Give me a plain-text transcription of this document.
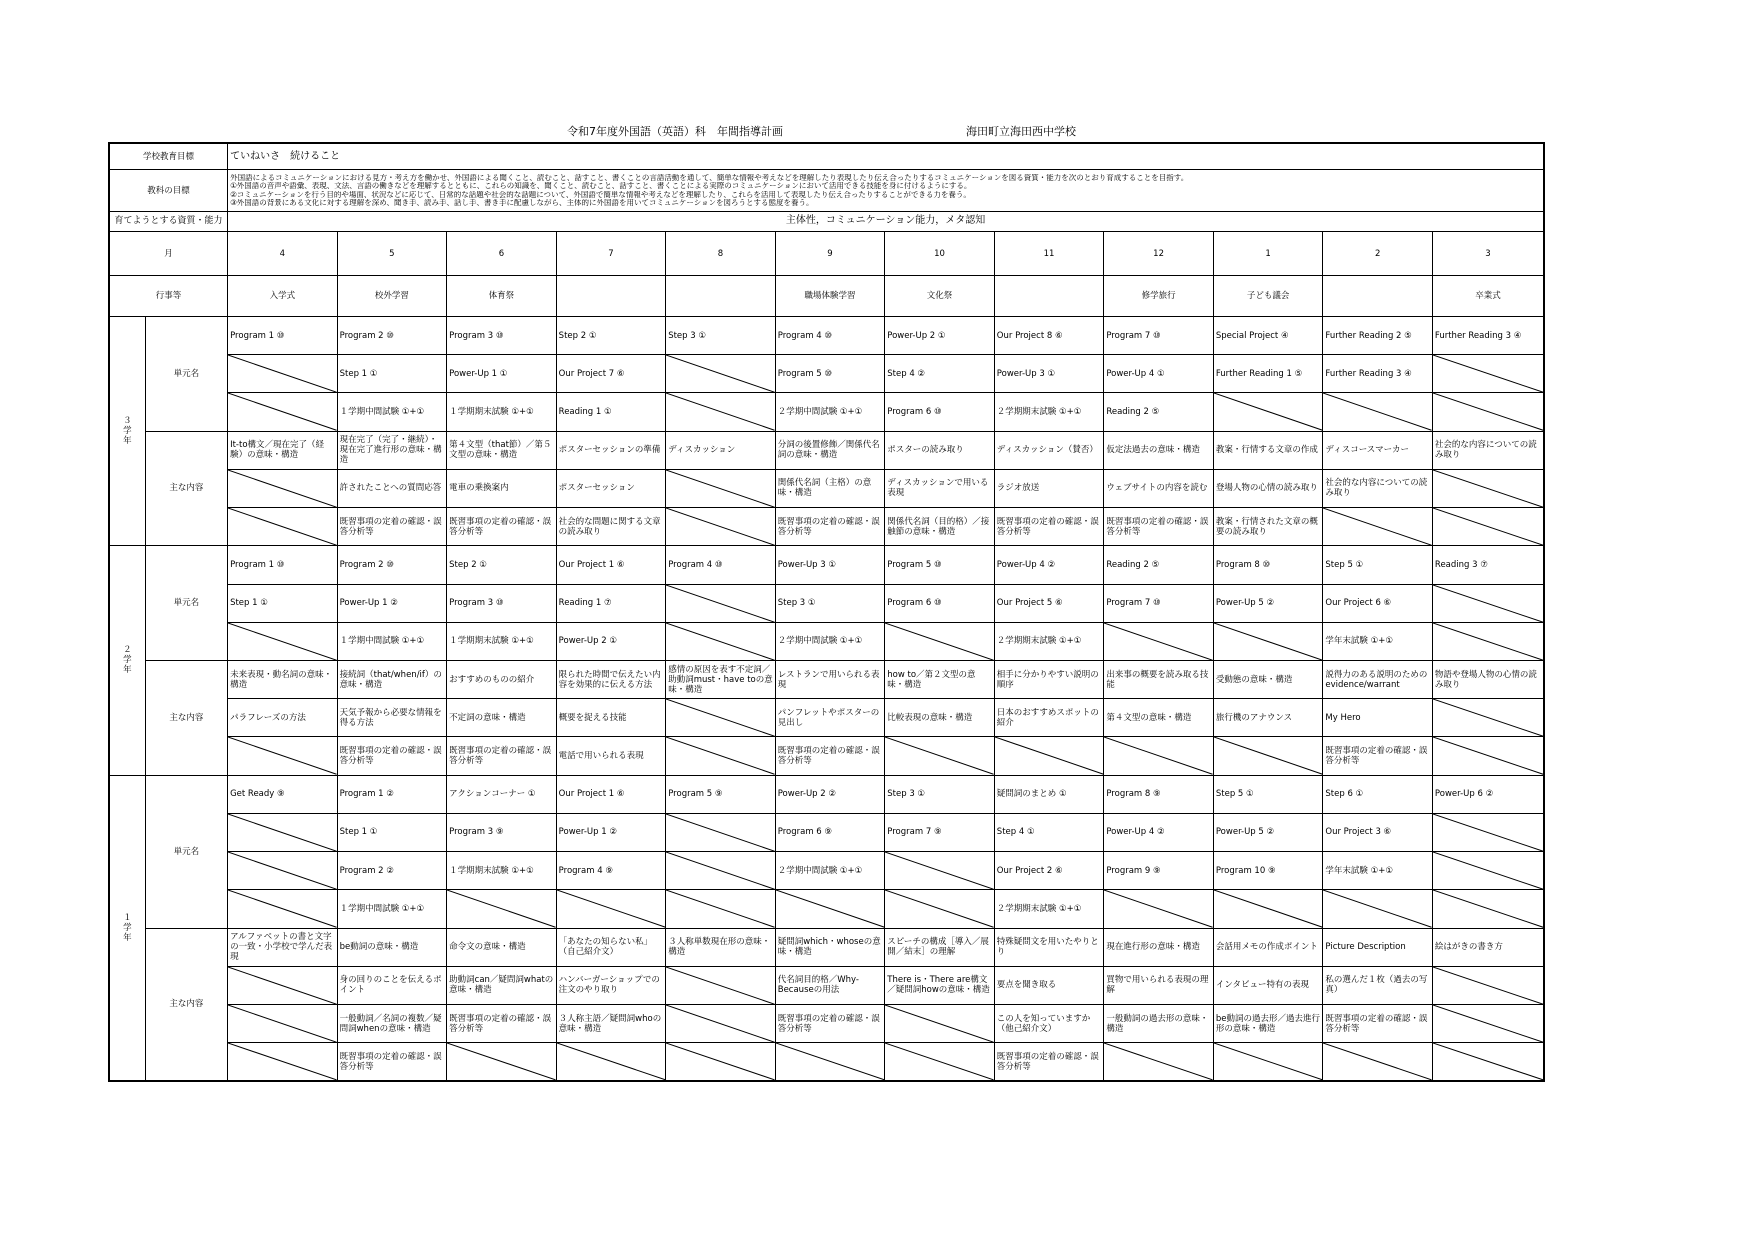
令和7年度外国語（英語）科　年間指導計画	海田町立海田西中学校
学校教育目標		ていねいさ　続けること											
教科の目標		外国語によるコミュニケーションにおける見方・考え方を働かせ、外国語による聞くこと、読むこと、話すこと、書くことの言語活動を通して、簡単な情報や考えなどを理解したり表現したり伝え合ったりするコミュニケーションを図る資質・能力を次のとおり育成することを目指す。
①外国語の音声や語彙、表現、文法、言語の働きなどを理解するとともに、これらの知識を、聞くこと、読むこと、話すこと、書くことによる実際のコミュニケーションにおいて活用できる技能を身に付けるようにする。
②コミュニケーションを行う目的や場面、状況などに応じて、日常的な話題や社会的な話題について、外国語で簡単な情報や考えなどを理解したり、これらを活用して表現したり伝え合ったりすることができる力を養う。
③外国語の背景にある文化に対する理解を深め、聞き手、読み手、話し手、書き手に配慮しながら、主体的に外国語を用いてコミュニケーションを図ろうとする態度を養う。											

育てようとする資質・能力		主体性，コミュニケーション能力，メタ認知											
月		4	5	6	7	8	9	10	11	12	1	2	3
行事等		入学式	校外学習	体育祭			職場体験学習	文化祭		修学旅行	子ども議会		卒業式

３
学
年	単元名	Program 1 ⑩	Program 2 ⑩	Program 3 ⑩	Step 2 ①	Step 3 ①	Program 4 ⑩	Power-Up 2 ①	Our Project 8 ⑥	Program 7 ⑩	Special Project ④	Further Reading 2 ⑤	Further Reading 3 ④

	Step 1 ①	Power-Up 1 ①	Our Project 7 ⑥		Program 5 ⑩	Step 4 ②	Power-Up 3 ①	Power-Up 4 ①	Further Reading 1 ⑤	Further Reading 3 ④	

	１学期中間試験 ①+①	１学期期末試験 ①+①	Reading 1 ①		２学期中間試験 ①+①	Program 6 ⑩	２学期期末試験 ①+①	Reading 2 ⑤	

	主な内容	It-to構文／現在完了（経験）の意味・構造	現在完了（完了・継続）・現在完了進行形の意味・構造	第４文型（that節）／第５文型の意味・構造	ポスターセッションの準備	ディスカッション	分詞の後置修飾／関係代名詞の意味・構造	ポスターの読み取り	ディスカッション（賛否）	仮定法過去の意味・構造	教案・行情する文章の作成	ディスコースマーカー	社会的な内容についての読み取り

	許されたことへの質問応答	電車の乗換案内	ポスターセッション		関係代名詞（主格）の意味・構造	ディスカッションで用いる表現	ラジオ放送	ウェブサイトの内容を読む	登場人物の心情の読み取り	社会的な内容についての読み取り	

	既習事項の定着の確認・誤答分析等	既習事項の定着の確認・誤答分析等	社会的な問題に関する文章の読み取り		既習事項の定着の確認・誤答分析等	関係代名詞（目的格）／接触節の意味・構造	既習事項の定着の確認・誤答分析等	既習事項の定着の確認・誤答分析等	教案・行情された文章の概要の読み取り	

２
学
年	単元名	Program 1 ⑩	Program 2 ⑩	Step 2 ①	Our Project 1 ⑥	Program 4 ⑩	Power-Up 3 ①	Program 5 ⑩	Power-Up 4 ②	Reading 2 ⑤	Program 8 ⑩	Step 5 ①	Reading 3 ⑦
		Step 1 ①	Power-Up 1 ②	Program 3 ⑩	Reading 1 ⑦		Step 3 ①	Program 6 ⑩	Our Project 5 ⑥	Program 7 ⑩	Power-Up 5 ②	Our Project 6 ⑥	

	１学期中間試験 ①+①	１学期期末試験 ①+①	Power-Up 2 ①		２学期中間試験 ①+①		２学期期末試験 ①+①			学年末試験 ①+①	

	主な内容	未来表現・動名詞の意味・構造	接続詞（that/when/if）の意味・構造	おすすめのものの紹介	限られた時間で伝えたい内容を効果的に伝える方法	感情の原因を表す不定詞／助動詞must・have toの意味・構造	レストランで用いられる表現	how to／第２文型の意味・構造	相手に分かりやすい説明の順序	出来事の概要を読み取る技能	受動態の意味・構造	説得力のある説明のためのevidence/warrant	物語や登場人物の心情の読み取り
		パラフレーズの方法	天気予報から必要な情報を得る方法	不定詞の意味・構造	概要を捉える技能		パンフレットやポスターの見出し	比較表現の意味・構造	日本のおすすめスポットの紹介	第４文型の意味・構造	旅行機のアナウンス	My Hero	

	既習事項の定着の確認・誤答分析等	既習事項の定着の確認・誤答分析等	電話で用いられる表現		既習事項の定着の確認・誤答分析等					既習事項の定着の確認・誤答分析等	

１
学
年	単元名	Get Ready ⑨	Program 1 ②	アクションコーナー ①	Our Project 1 ⑥	Program 5 ⑨	Power-Up 2 ②	Step 3 ①	疑問詞のまとめ ①	Program 8 ⑨	Step 5 ①	Step 6 ①	Power-Up 6 ②

	Step 1 ①	Program 3 ⑨	Power-Up 1 ②		Program 6 ⑨	Program 7 ⑨	Step 4 ①	Power-Up 4 ②	Power-Up 5 ②	Our Project 3 ⑥	

	Program 2 ②	１学期期末試験 ①+①	Program 4 ⑨		２学期中間試験 ①+①		Our Project 2 ⑥	Program 9 ⑨	Program 10 ⑨	学年末試験 ①+①	

	１学期中間試験 ①+①						２学期期末試験 ①+①	

	主な内容	アルファベットの書と文字の一致・小学校で学んだ表現	be動詞の意味・構造	命令文の意味・構造	「あなたの知らない私」（自己紹介文）	３人称単数現在形の意味・構造	疑問詞which・whoseの意味・構造	スピーチの構成［導入／展開／結末］の理解	特殊疑問文を用いたやりとり	現在進行形の意味・構造	会話用メモの作成ポイント	Picture Description	絵はがきの書き方

	身の回りのことを伝えるポイント	助動詞can／疑問詞whatの意味・構造	ハンバーガーショップでの注文のやり取り		代名詞目的格／Why-Becauseの用法	There is・There are構文／疑問詞howの意味・構造	要点を聞き取る	買物で用いられる表現の理解	インタビュー特有の表現	私の選んだ１枚（過去の写真）	

	一般動詞／名詞の複数／疑問詞whenの意味・構造	既習事項の定着の確認・誤答分析等	３人称主語／疑問詞whoの意味・構造		既習事項の定着の確認・誤答分析等		この人を知っていますか（他己紹介文）	一般動詞の過去形の意味・構造	be動詞の過去形／過去進行形の意味・構造	既習事項の定着の確認・誤答分析等	

	既習事項の定着の確認・誤答分析等						既習事項の定着の確認・誤答分析等	
